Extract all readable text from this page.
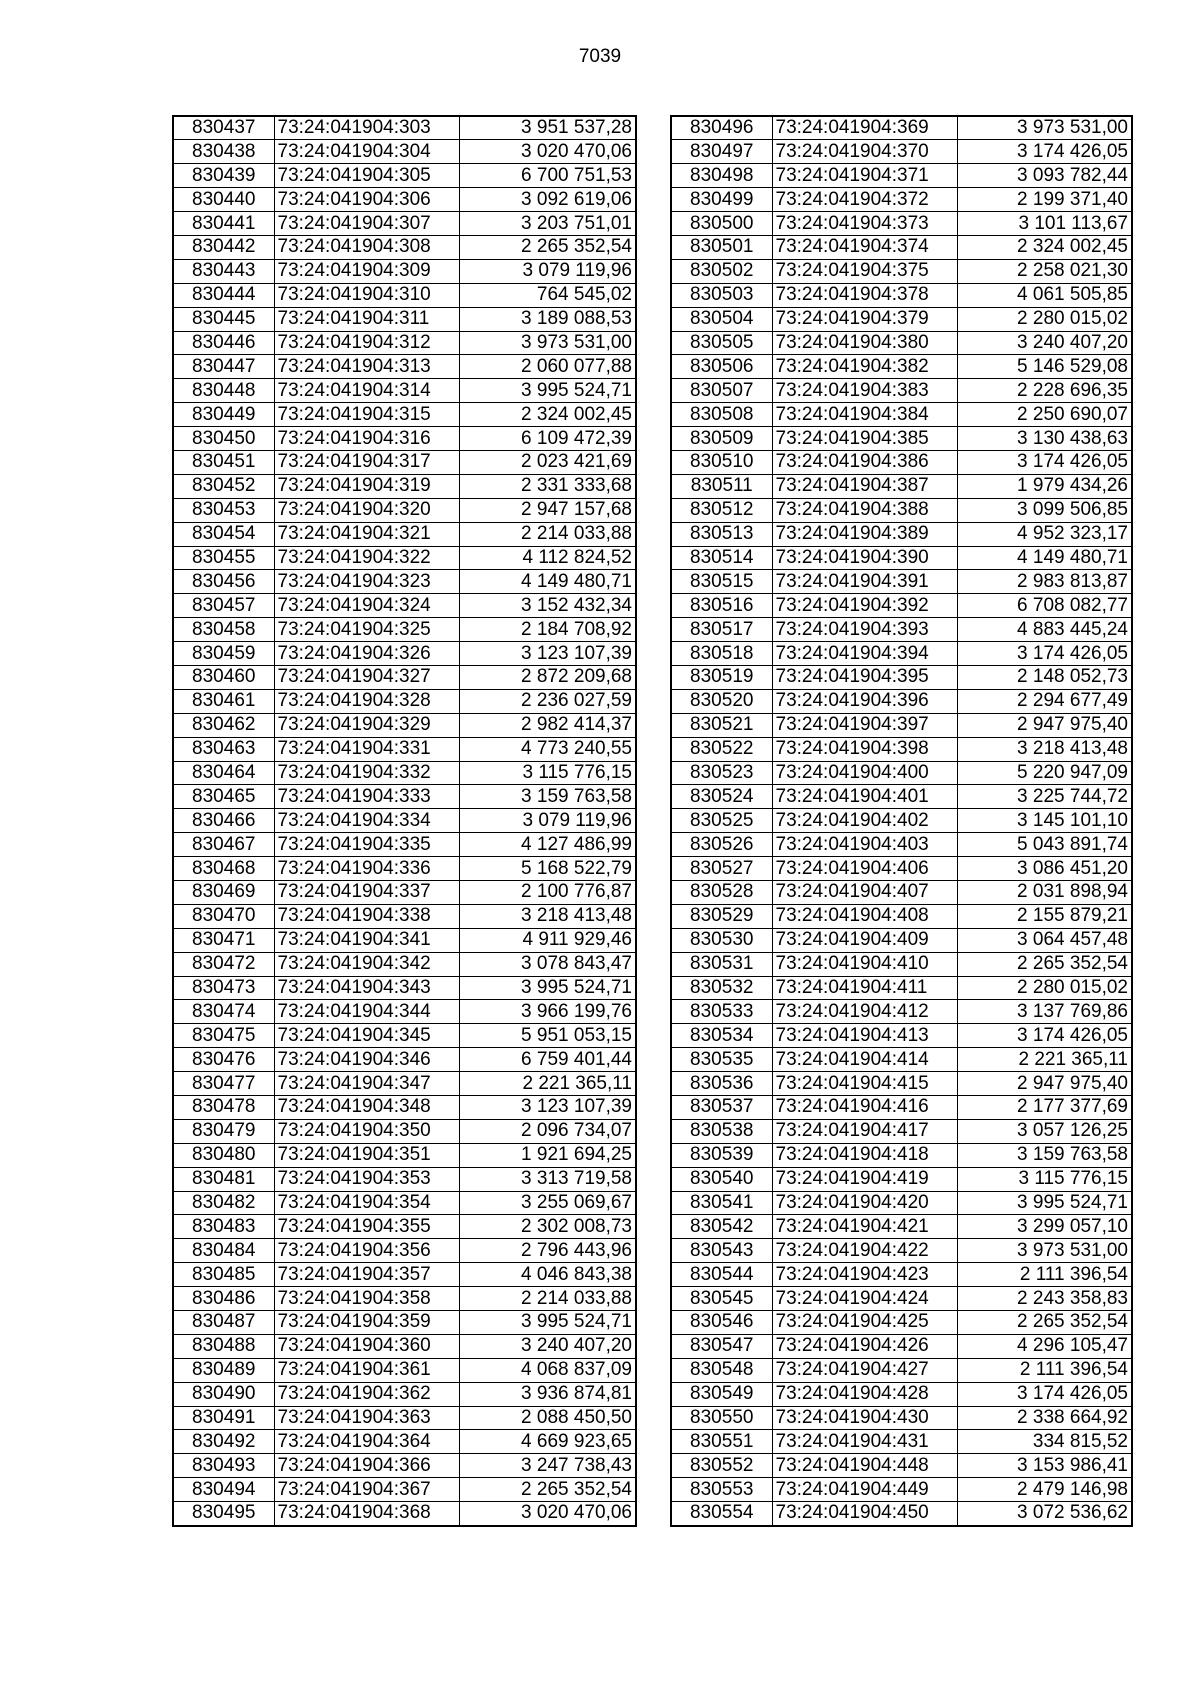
7039
830437	73:24:041904:303	3 951 537,28
830438	73:24:041904:304	3 020 470,06
830439	73:24:041904:305	6 700 751,53
830440	73:24:041904:306	3 092 619,06
830441	73:24:041904:307	3 203 751,01
830442	73:24:041904:308	2 265 352,54
830443	73:24:041904:309	3 079 119,96
830444	73:24:041904:310	764 545,02
830445	73:24:041904:311	3 189 088,53
830446	73:24:041904:312	3 973 531,00
830447	73:24:041904:313	2 060 077,88
830448	73:24:041904:314	3 995 524,71
830449	73:24:041904:315	2 324 002,45
830450	73:24:041904:316	6 109 472,39
830451	73:24:041904:317	2 023 421,69
830452	73:24:041904:319	2 331 333,68
830453	73:24:041904:320	2 947 157,68
830454	73:24:041904:321	2 214 033,88
830455	73:24:041904:322	4 112 824,52
830456	73:24:041904:323	4 149 480,71
830457	73:24:041904:324	3 152 432,34
830458	73:24:041904:325	2 184 708,92
830459	73:24:041904:326	3 123 107,39
830460	73:24:041904:327	2 872 209,68
830461	73:24:041904:328	2 236 027,59
830462	73:24:041904:329	2 982 414,37
830463	73:24:041904:331	4 773 240,55
830464	73:24:041904:332	3 115 776,15
830465	73:24:041904:333	3 159 763,58
830466	73:24:041904:334	3 079 119,96
830467	73:24:041904:335	4 127 486,99
830468	73:24:041904:336	5 168 522,79
830469	73:24:041904:337	2 100 776,87
830470	73:24:041904:338	3 218 413,48
830471	73:24:041904:341	4 911 929,46
830472	73:24:041904:342	3 078 843,47
830473	73:24:041904:343	3 995 524,71
830474	73:24:041904:344	3 966 199,76
830475	73:24:041904:345	5 951 053,15
830476	73:24:041904:346	6 759 401,44
830477	73:24:041904:347	2 221 365,11
830478	73:24:041904:348	3 123 107,39
830479	73:24:041904:350	2 096 734,07
830480	73:24:041904:351	1 921 694,25
830481	73:24:041904:353	3 313 719,58
830482	73:24:041904:354	3 255 069,67
830483	73:24:041904:355	2 302 008,73
830484	73:24:041904:356	2 796 443,96
830485	73:24:041904:357	4 046 843,38
830486	73:24:041904:358	2 214 033,88
830487	73:24:041904:359	3 995 524,71
830488	73:24:041904:360	3 240 407,20
830489	73:24:041904:361	4 068 837,09
830490	73:24:041904:362	3 936 874,81
830491	73:24:041904:363	2 088 450,50
830492	73:24:041904:364	4 669 923,65
830493	73:24:041904:366	3 247 738,43
830494	73:24:041904:367	2 265 352,54
830495	73:24:041904:368	3 020 470,06
830496	73:24:041904:369	3 973 531,00
830497	73:24:041904:370	3 174 426,05
830498	73:24:041904:371	3 093 782,44
830499	73:24:041904:372	2 199 371,40
830500	73:24:041904:373	3 101 113,67
830501	73:24:041904:374	2 324 002,45
830502	73:24:041904:375	2 258 021,30
830503	73:24:041904:378	4 061 505,85
830504	73:24:041904:379	2 280 015,02
830505	73:24:041904:380	3 240 407,20
830506	73:24:041904:382	5 146 529,08
830507	73:24:041904:383	2 228 696,35
830508	73:24:041904:384	2 250 690,07
830509	73:24:041904:385	3 130 438,63
830510	73:24:041904:386	3 174 426,05
830511	73:24:041904:387	1 979 434,26
830512	73:24:041904:388	3 099 506,85
830513	73:24:041904:389	4 952 323,17
830514	73:24:041904:390	4 149 480,71
830515	73:24:041904:391	2 983 813,87
830516	73:24:041904:392	6 708 082,77
830517	73:24:041904:393	4 883 445,24
830518	73:24:041904:394	3 174 426,05
830519	73:24:041904:395	2 148 052,73
830520	73:24:041904:396	2 294 677,49
830521	73:24:041904:397	2 947 975,40
830522	73:24:041904:398	3 218 413,48
830523	73:24:041904:400	5 220 947,09
830524	73:24:041904:401	3 225 744,72
830525	73:24:041904:402	3 145 101,10
830526	73:24:041904:403	5 043 891,74
830527	73:24:041904:406	3 086 451,20
830528	73:24:041904:407	2 031 898,94
830529	73:24:041904:408	2 155 879,21
830530	73:24:041904:409	3 064 457,48
830531	73:24:041904:410	2 265 352,54
830532	73:24:041904:411	2 280 015,02
830533	73:24:041904:412	3 137 769,86
830534	73:24:041904:413	3 174 426,05
830535	73:24:041904:414	2 221 365,11
830536	73:24:041904:415	2 947 975,40
830537	73:24:041904:416	2 177 377,69
830538	73:24:041904:417	3 057 126,25
830539	73:24:041904:418	3 159 763,58
830540	73:24:041904:419	3 115 776,15
830541	73:24:041904:420	3 995 524,71
830542	73:24:041904:421	3 299 057,10
830543	73:24:041904:422	3 973 531,00
830544	73:24:041904:423	2 111 396,54
830545	73:24:041904:424	2 243 358,83
830546	73:24:041904:425	2 265 352,54
830547	73:24:041904:426	4 296 105,47
830548	73:24:041904:427	2 111 396,54
830549	73:24:041904:428	3 174 426,05
830550	73:24:041904:430	2 338 664,92
830551	73:24:041904:431	334 815,52
830552	73:24:041904:448	3 153 986,41
830553	73:24:041904:449	2 479 146,98
830554	73:24:041904:450	3 072 536,62
